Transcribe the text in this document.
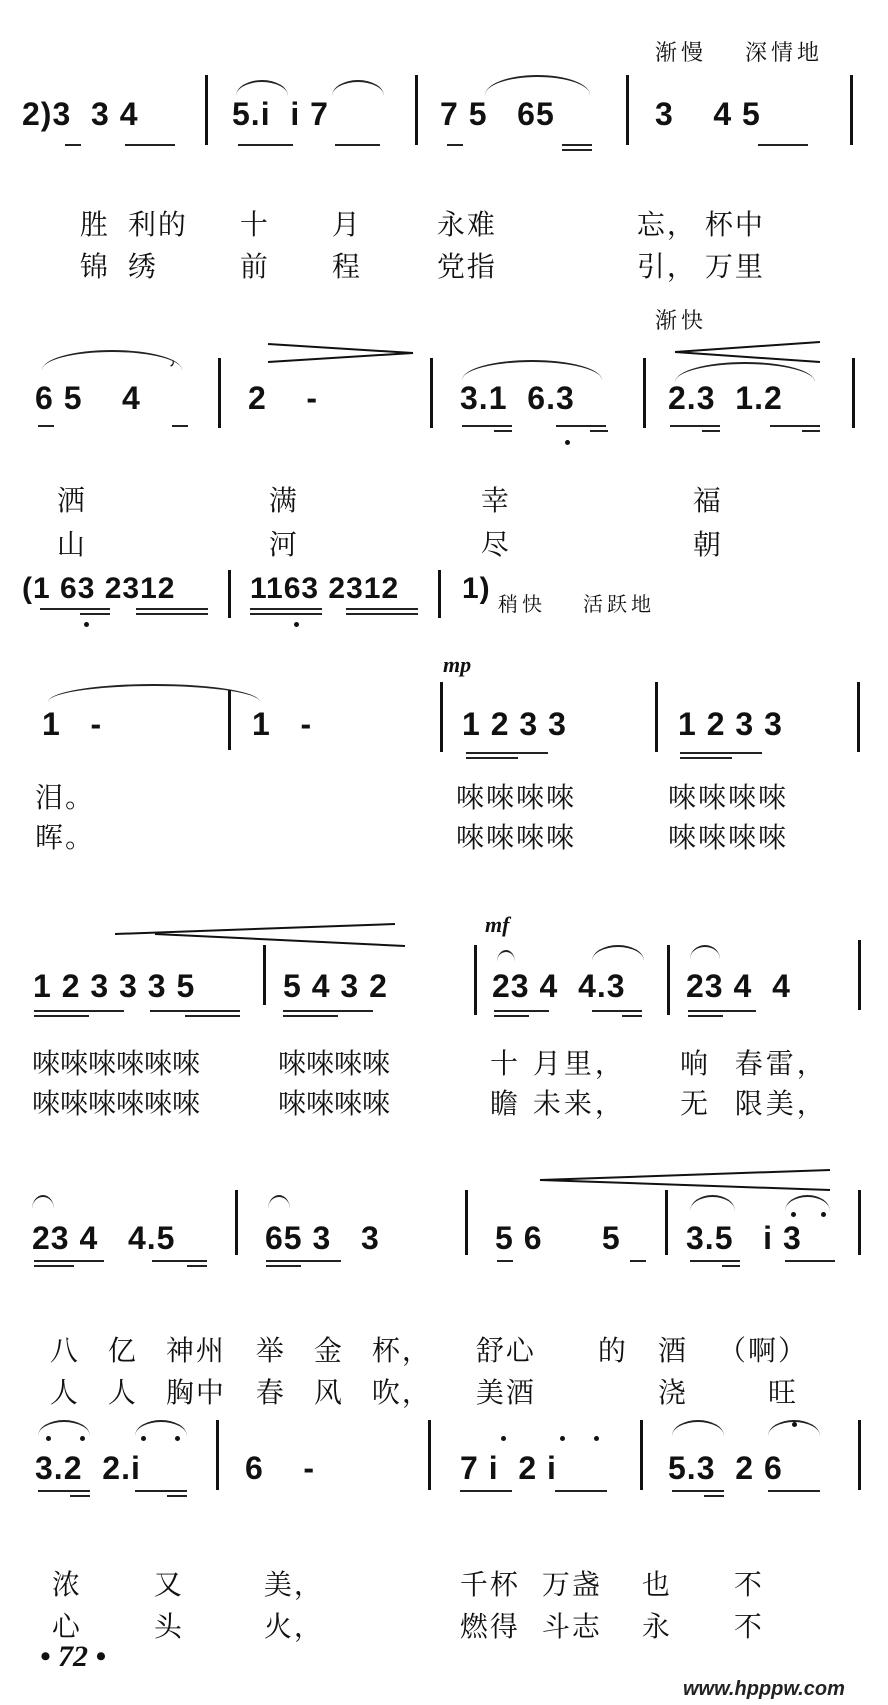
渐慢 深情地
2)3  3 4	5.i  i 7	7 5   65	3    4 5

胜 利的 十 月	永难	忘， 杯中

锦 绣	前 程	党指	引， 万里

渐快
𝆞
6 5    4	2    -	3.1  6.3	2.3  1.2

洒	满	幸	福

山	河	尽	朝

(1 63 2312 1163 2312 1) 稍快 活跃地
mp
1   -	1   -	1 2 3 3	1 2 3 3
泪。	唻唻唻唻	唻唻唻唻
晖。	唻唻唻唻	唻唻唻唻
mf
1 2 3 3 3 5	5 4 3 2	23 4  4.3 23 4  4
唻唻唻唻唻唻	唻唻唻唻	十 月里， 响  春雷，
唻唻唻唻唻唻	唻唻唻唻	瞻 未来， 无  限美，
23 4   4.5	65 3   3	5 6      5 3.5   i 3

八 亿 神州 举 金 杯， 舒心 的 酒 （啊）

人 人 胸中 春 风 吹， 美酒	浇	旺

3.2  2.i	6    -	7 i  2 i	5.3  2 6

浓	又	美，	千杯 万盏 也 不

心	头	火，	燃得 斗志 永 不

• 72 •
www.hpppw.com
